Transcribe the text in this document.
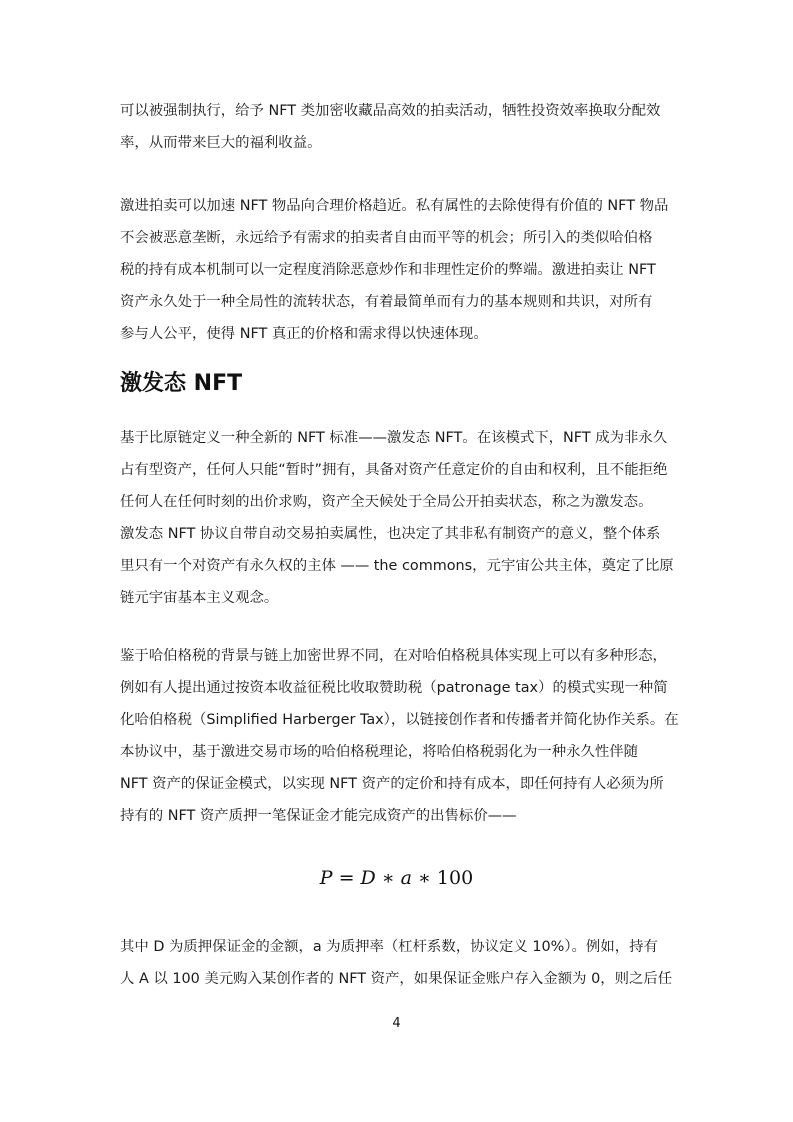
可以被强制执行，给予 NFT 类加密收藏品高效的拍卖活动，牺牲投资效率换取分配效
率，从而带来巨大的福利收益。
激进拍卖可以加速 NFT 物品向合理价格趋近。私有属性的去除使得有价值的 NFT 物品
不会被恶意垄断，永远给予有需求的拍卖者自由而平等的机会；所引入的类似哈伯格
税的持有成本机制可以一定程度消除恶意炒作和非理性定价的弊端。激进拍卖让 NFT
资产永久处于一种全局性的流转状态，有着最简单而有力的基本规则和共识，对所有
参与人公平，使得 NFT 真正的价格和需求得以快速体现。
激发态 NFT
基于比原链定义一种全新的 NFT 标准——激发态 NFT。在该模式下，NFT 成为非永久
占有型资产，任何人只能“暂时”拥有，具备对资产任意定价的自由和权利，且不能拒绝
任何人在任何时刻的出价求购，资产全天候处于全局公开拍卖状态，称之为激发态。
激发态 NFT 协议自带自动交易拍卖属性，也决定了其非私有制资产的意义，整个体系
里只有一个对资产有永久权的主体 —— the commons，元宇宙公共主体，奠定了比原
链元宇宙基本主义观念。
鉴于哈伯格税的背景与链上加密世界不同，在对哈伯格税具体实现上可以有多种形态，
例如有人提出通过按资本收益征税比收取赞助税（patronage tax）的模式实现一种简
化哈伯格税（Simplified Harberger Tax），以链接创作者和传播者并简化协作关系。在
本协议中，基于激进交易市场的哈伯格税理论，将哈伯格税弱化为一种永久性伴随
NFT 资产的保证金模式，以实现 NFT 资产的定价和持有成本，即任何持有人必须为所
持有的 NFT 资产质押一笔保证金才能完成资产的出售标价——
P = D ∗ a ∗ 100
其中 D 为质押保证金的金额，a 为质押率（杠杆系数，协议定义 10%）。例如，持有
人 A 以 100 美元购入某创作者的 NFT 资产，如果保证金账户存入金额为 0，则之后任
4
